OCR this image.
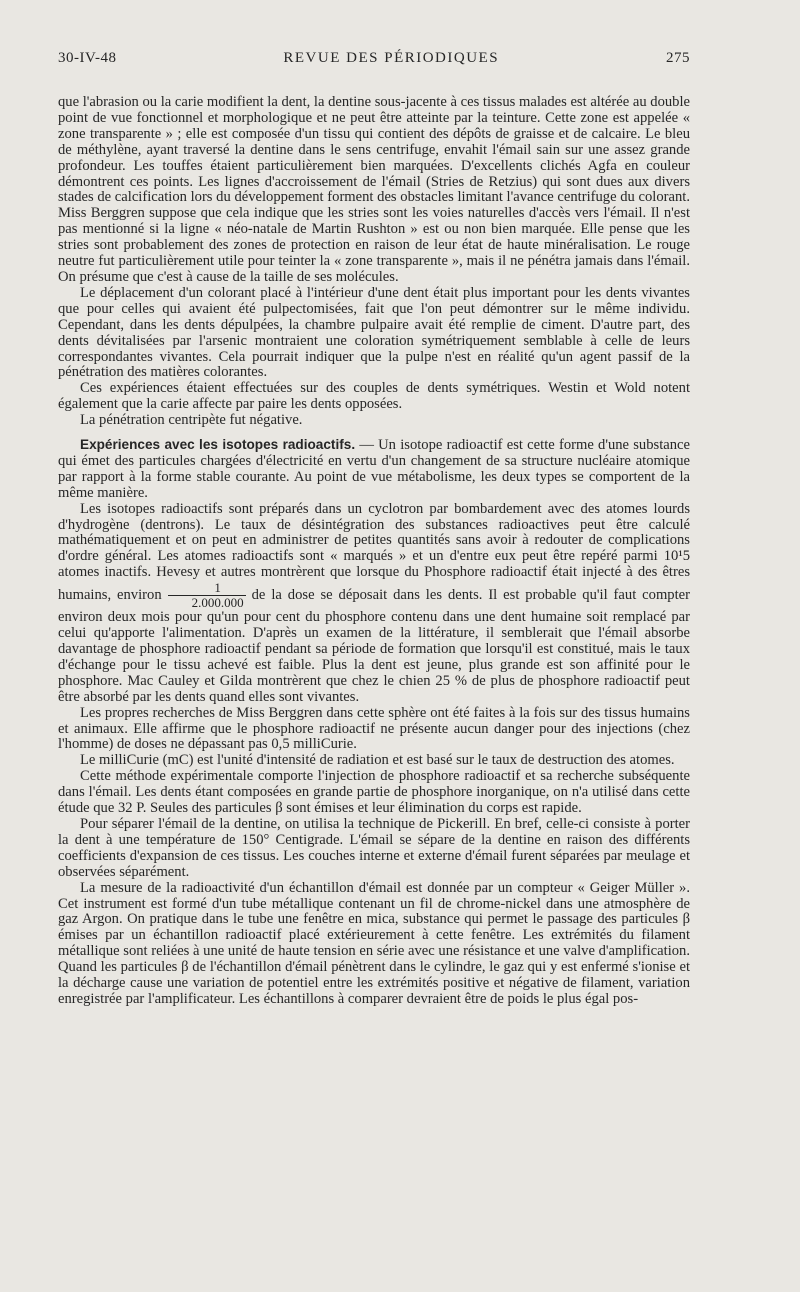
30-IV-48	REVUE DES PÉRIODIQUES	275

que l'abrasion ou la carie modifient la dent, la dentine sous-jacente à ces tissus malades est altérée au double point de vue fonctionnel et morphologique et ne peut être atteinte par la teinture. Cette zone est appelée « zone transparente » ; elle est composée d'un tissu qui contient des dépôts de graisse et de calcaire. Le bleu de méthylène, ayant traversé la dentine dans le sens centrifuge, envahit l'émail sain sur une assez grande profondeur. Les touffes étaient particulièrement bien marquées. D'excellents clichés Agfa en couleur démontrent ces points. Les lignes d'accroissement de l'émail (Stries de Retzius) qui sont dues aux divers stades de calcification lors du développement forment des obstacles limitant l'avance centrifuge du colorant. Miss Berggren suppose que cela indique que les stries sont les voies naturelles d'accès vers l'émail. Il n'est pas mentionné si la ligne « néo-natale de Martin Rushton » est ou non bien marquée. Elle pense que les stries sont probablement des zones de protection en raison de leur état de haute minéralisation. Le rouge neutre fut particulièrement utile pour teinter la « zone transparente », mais il ne pénétra jamais dans l'émail. On présume que c'est à cause de la taille de ses molécules.

Le déplacement d'un colorant placé à l'intérieur d'une dent était plus important pour les dents vivantes que pour celles qui avaient été pulpectomisées, fait que l'on peut démontrer sur le même individu. Cependant, dans les dents dépulpées, la chambre pulpaire avait été remplie de ciment. D'autre part, des dents dévitalisées par l'arsenic montraient une coloration symétriquement semblable à celle de leurs correspondantes vivantes. Cela pourrait indiquer que la pulpe n'est en réalité qu'un agent passif de la pénétration des matières colorantes.

Ces expériences étaient effectuées sur des couples de dents symétriques. Westin et Wold notent également que la carie affecte par paire les dents opposées.

La pénétration centripète fut négative.

Expériences avec les isotopes radioactifs. — Un isotope radioactif est cette forme d'une substance qui émet des particules chargées d'électricité en vertu d'un changement de sa structure nucléaire atomique par rapport à la forme stable courante. Au point de vue métabolisme, les deux types se comportent de la même manière.

Les isotopes radioactifs sont préparés dans un cyclotron par bombardement avec des atomes lourds d'hydrogène (dentrons). Le taux de désintégration des substances radioactives peut être calculé mathématiquement et on peut en administrer de petites quantités sans avoir à redouter de complications d'ordre général. Les atomes radioactifs sont « marqués » et un d'entre eux peut être repéré parmi 10¹5 atomes inactifs. Hevesy et autres montrèrent que lorsque du Phosphore radioactif était injecté à des êtres humains, environ $\frac{1}{2.000.000}$ de la dose se déposait dans les dents. Il est probable qu'il faut compter environ deux mois pour qu'un pour cent du phosphore contenu dans une dent humaine soit remplacé par celui qu'apporte l'alimentation. D'après un examen de la littérature, il semblerait que l'émail absorbe davantage de phosphore radioactif pendant sa période de formation que lorsqu'il est constitué, mais le taux d'échange pour le tissu achevé est faible. Plus la dent est jeune, plus grande est son affinité pour le phosphore. Mac Cauley et Gilda montrèrent que chez le chien 25 % de plus de phosphore radioactif peut être absorbé par les dents quand elles sont vivantes.

Les propres recherches de Miss Berggren dans cette sphère ont été faites à la fois sur des tissus humains et animaux. Elle affirme que le phosphore radioactif ne présente aucun danger pour des injections (chez l'homme) de doses ne dépassant pas 0,5 milliCurie.

Le milliCurie (mC) est l'unité d'intensité de radiation et est basé sur le taux de destruction des atomes.

Cette méthode expérimentale comporte l'injection de phosphore radioactif et sa recherche subséquente dans l'émail. Les dents étant composées en grande partie de phosphore inorganique, on n'a utilisé dans cette étude que 32 P. Seules des particules β sont émises et leur élimination du corps est rapide.

Pour séparer l'émail de la dentine, on utilisa la technique de Pickerill. En bref, celle-ci consiste à porter la dent à une température de 150° Centigrade. L'émail se sépare de la dentine en raison des différents coefficients d'expansion de ces tissus. Les couches interne et externe d'émail furent séparées par meulage et observées séparément.

La mesure de la radioactivité d'un échantillon d'émail est donnée par un compteur « Geiger Müller ». Cet instrument est formé d'un tube métallique contenant un fil de chrome-nickel dans une atmosphère de gaz Argon. On pratique dans le tube une fenêtre en mica, substance qui permet le passage des particules β émises par un échantillon radioactif placé extérieurement à cette fenêtre. Les extrémités du filament métallique sont reliées à une unité de haute tension en série avec une résistance et une valve d'amplification. Quand les particules β de l'échantillon d'émail pénètrent dans le cylindre, le gaz qui y est enfermé s'ionise et la décharge cause une variation de potentiel entre les extrémités positive et négative de filament, variation enregistrée par l'amplificateur. Les échantillons à comparer devraient être de poids le plus égal pos-
